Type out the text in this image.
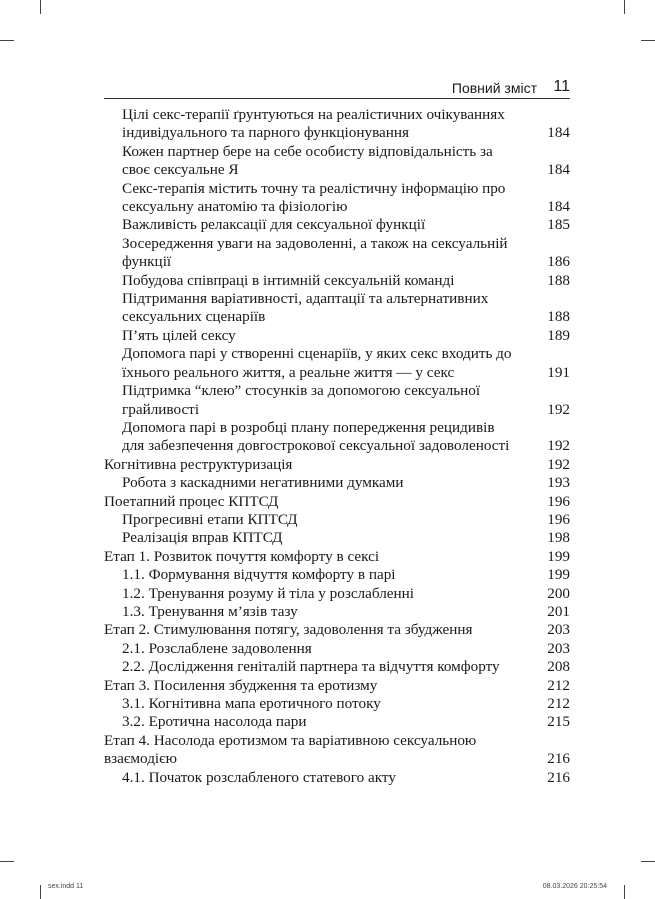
Повний зміст 11
Цілі секс-терапії ґрунтуються на реалістичних очікуваннях індивідуального та парного функціонування	184
Кожен партнер бере на себе особисту відповідальність за своє сексуальне Я	184
Секс-терапія містить точну та реалістичну інформацію про сексуальну анатомію та фізіологію	184
Важливість релаксації для сексуальної функції	185
Зосередження уваги на задоволенні, а також на сексуальній функції	186
Побудова співпраці в інтимній сексуальній команді	188
Підтримання варіативності, адаптації та альтернативних сексуальних сценаріїв	188
П’ять цілей сексу	189
Допомога парі у створенні сценаріїв, у яких секс входить до їхнього реального життя, а реальне життя — у секс	191
Підтримка “клею” стосунків за допомогою сексуальної грайливості	192
Допомога парі в розробці плану попередження рецидивів для забезпечення довгострокової сексуальної задоволеності	192
Когнітивна реструктуризація	192
Робота з каскадними негативними думками	193
Поетапний процес КПТСД	196
Прогресивні етапи КПТСД	196
Реалізація вправ КПТСД	198
Етап 1. Розвиток почуття комфорту в сексі	199
1.1. Формування відчуття комфорту в парі	199
1.2. Тренування розуму й тіла у розслабленні	200
1.3. Тренування м’язів тазу	201
Етап 2. Стимулювання потягу, задоволення та збудження	203
2.1. Розслаблене задоволення	203
2.2. Дослідження геніталій партнера та відчуття комфорту	208
Етап 3. Посилення збудження та еротизму	212
3.1. Когнітивна мапа еротичного потоку	212
3.2. Еротична насолода пари	215
Етап 4. Насолода еротизмом та варіативною сексуальною взаємодією	216
4.1. Початок розслабленого статевого акту	216
sex.indd 11	08.03.2026 20:25:54
